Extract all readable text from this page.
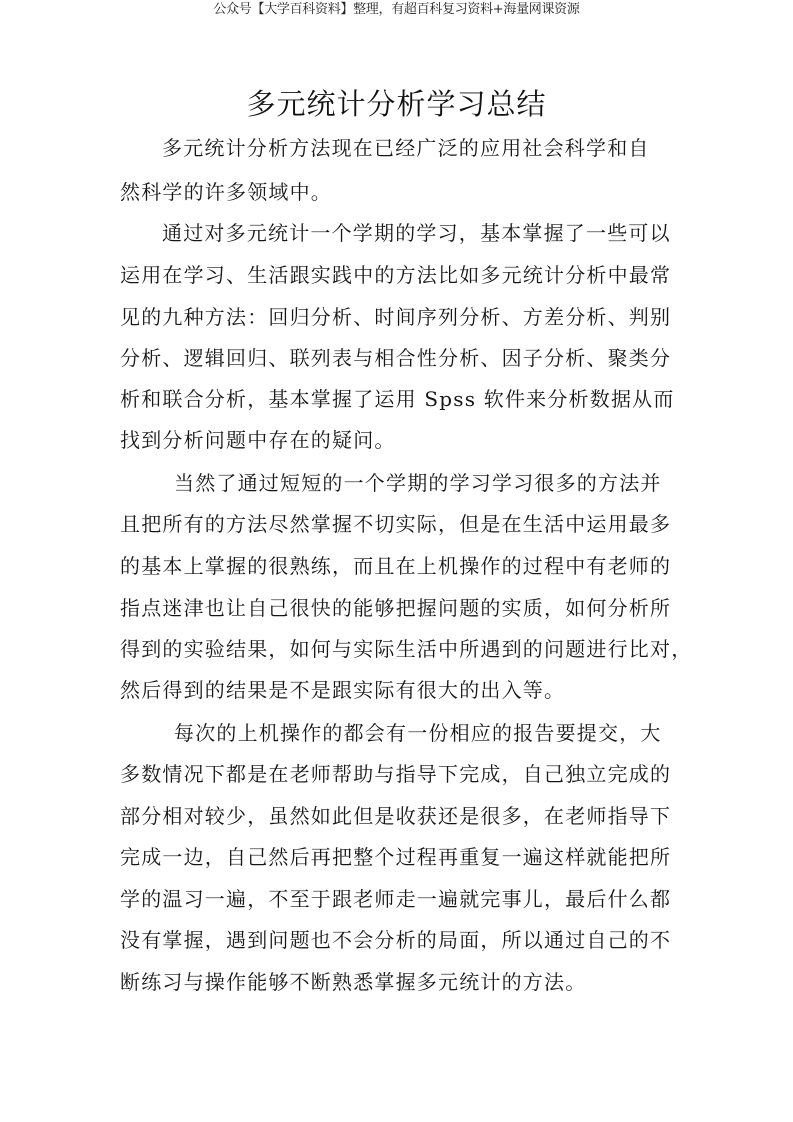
公众号【大学百科资料】整理，有超百科复习资料+海量网课资源
多元统计分析学习总结
多元统计分析方法现在已经广泛的应用社会科学和自
然科学的许多领域中。
通过对多元统计一个学期的学习，基本掌握了一些可以
运用在学习、生活跟实践中的方法比如多元统计分析中最常
见的九种方法：回归分析、时间序列分析、方差分析、判别
分析、逻辑回归、联列表与相合性分析、因子分析、聚类分
析和联合分析，基本掌握了运用 Spss 软件来分析数据从而
找到分析问题中存在的疑问。
当然了通过短短的一个学期的学习学习很多的方法并
且把所有的方法尽然掌握不切实际，但是在生活中运用最多
的基本上掌握的很熟练，而且在上机操作的过程中有老师的
指点迷津也让自己很快的能够把握问题的实质，如何分析所
得到的实验结果，如何与实际生活中所遇到的问题进行比对，
然后得到的结果是不是跟实际有很大的出入等。
每次的上机操作的都会有一份相应的报告要提交，大
多数情况下都是在老师帮助与指导下完成，自己独立完成的
部分相对较少，虽然如此但是收获还是很多，在老师指导下
完成一边，自己然后再把整个过程再重复一遍这样就能把所
学的温习一遍，不至于跟老师走一遍就完事儿，最后什么都
没有掌握，遇到问题也不会分析的局面，所以通过自己的不
断练习与操作能够不断熟悉掌握多元统计的方法。
